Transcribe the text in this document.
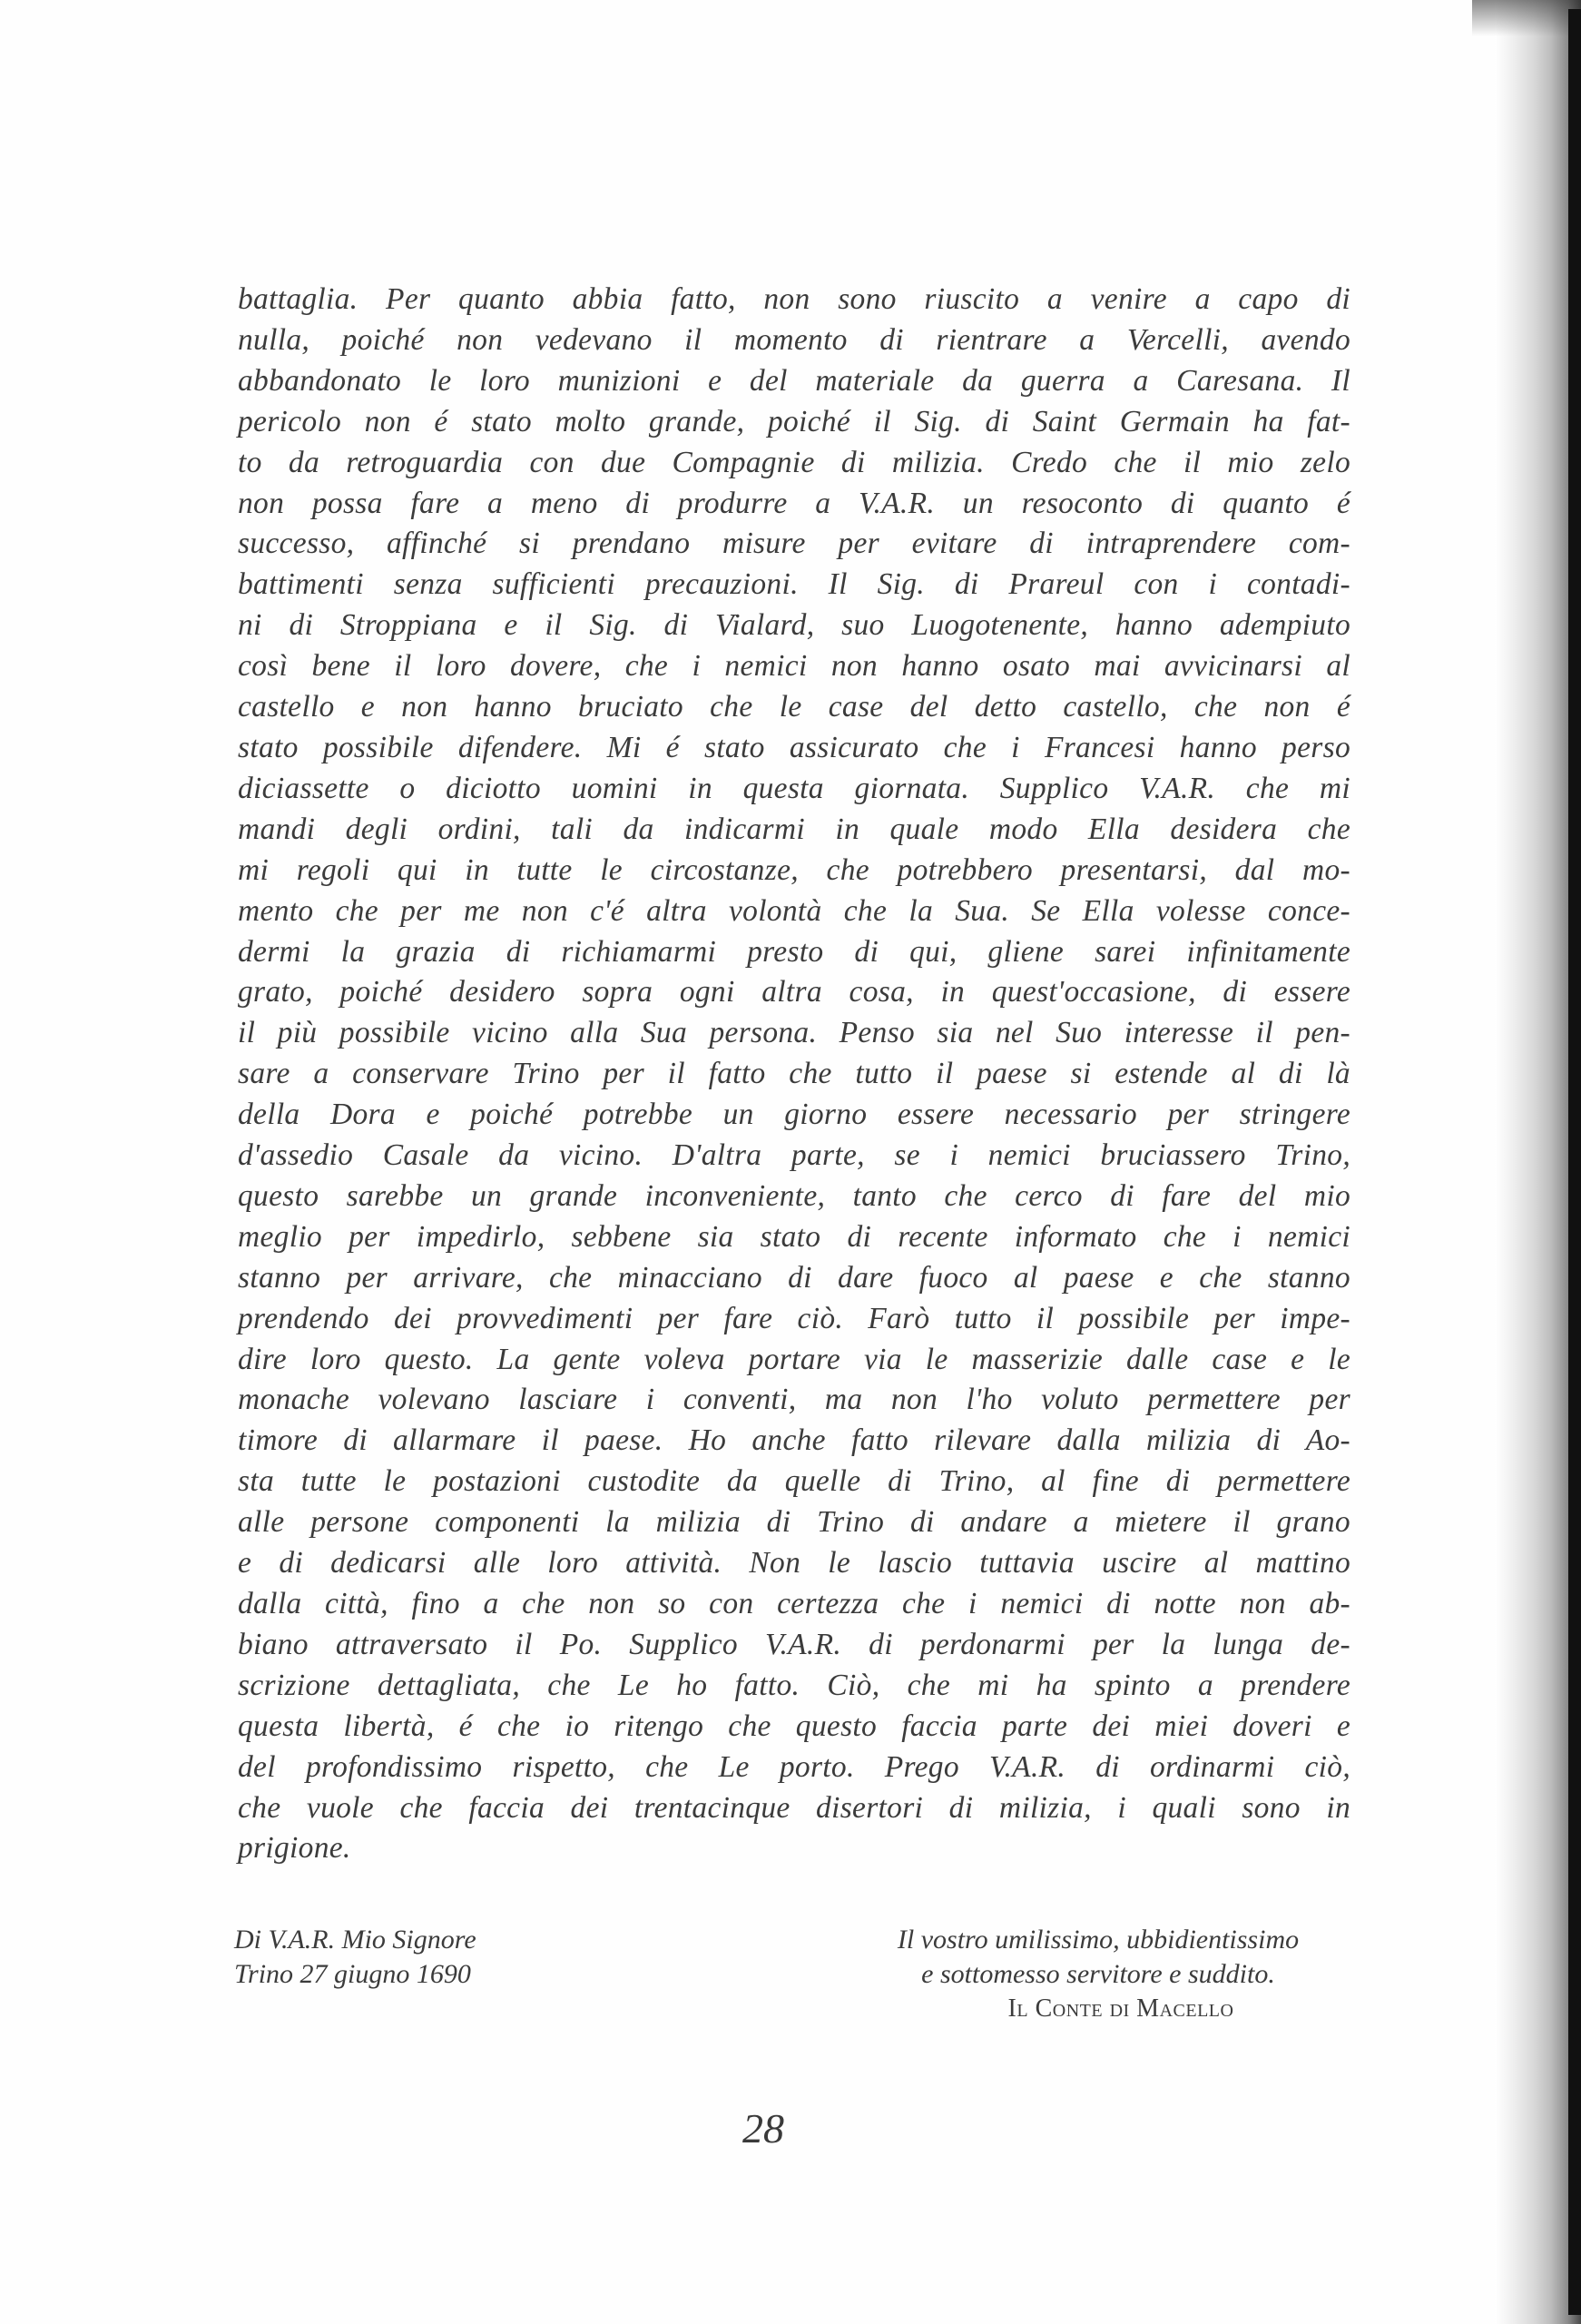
battaglia. Per quanto abbia fatto, non sono riuscito a venire a capo di
nulla, poiché non vedevano il momento di rientrare a Vercelli, avendo
abbandonato le loro munizioni e del materiale da guerra a Caresana. Il
pericolo non é stato molto grande, poiché il Sig. di Saint Germain ha fat-
to da retroguardia con due Compagnie di milizia. Credo che il mio zelo
non possa fare a meno di produrre a V.A.R. un resoconto di quanto é
successo, affinché si prendano misure per evitare di intraprendere com-
battimenti senza sufficienti precauzioni. Il Sig. di Prareul con i contadi-
ni di Stroppiana e il Sig. di Vialard, suo Luogotenente, hanno adempiuto
così bene il loro dovere, che i nemici non hanno osato mai avvicinarsi al
castello e non hanno bruciato che le case del detto castello, che non é
stato possibile difendere. Mi é stato assicurato che i Francesi hanno perso
diciassette o diciotto uomini in questa giornata. Supplico V.A.R. che mi
mandi degli ordini, tali da indicarmi in quale modo Ella desidera che
mi regoli qui in tutte le circostanze, che potrebbero presentarsi, dal mo-
mento che per me non c'é altra volontà che la Sua. Se Ella volesse conce-
dermi la grazia di richiamarmi presto di qui, gliene sarei infinitamente
grato, poiché desidero sopra ogni altra cosa, in quest'occasione, di essere
il più possibile vicino alla Sua persona. Penso sia nel Suo interesse il pen-
sare a conservare Trino per il fatto che tutto il paese si estende al di là
della Dora e poiché potrebbe un giorno essere necessario per stringere
d'assedio Casale da vicino. D'altra parte, se i nemici bruciassero Trino,
questo sarebbe un grande inconveniente, tanto che cerco di fare del mio
meglio per impedirlo, sebbene sia stato di recente informato che i nemici
stanno per arrivare, che minacciano di dare fuoco al paese e che stanno
prendendo dei provvedimenti per fare ciò. Farò tutto il possibile per impe-
dire loro questo. La gente voleva portare via le masserizie dalle case e le
monache volevano lasciare i conventi, ma non l'ho voluto permettere per
timore di allarmare il paese. Ho anche fatto rilevare dalla milizia di Ao-
sta tutte le postazioni custodite da quelle di Trino, al fine di permettere
alle persone componenti la milizia di Trino di andare a mietere il grano
e di dedicarsi alle loro attività. Non le lascio tuttavia uscire al mattino
dalla città, fino a che non so con certezza che i nemici di notte non ab-
biano attraversato il Po. Supplico V.A.R. di perdonarmi per la lunga de-
scrizione dettagliata, che Le ho fatto. Ciò, che mi ha spinto a prendere
questa libertà, é che io ritengo che questo faccia parte dei miei doveri e
del profondissimo rispetto, che Le porto. Prego V.A.R. di ordinarmi ciò,
che vuole che faccia dei trentacinque disertori di milizia, i quali sono in
prigione.
Di V.A.R. Mio Signore
Trino 27 giugno 1690
Il vostro umilissimo, ubbidientissimo
e sottomesso servitore e suddito.
Il Conte di Macello
28
